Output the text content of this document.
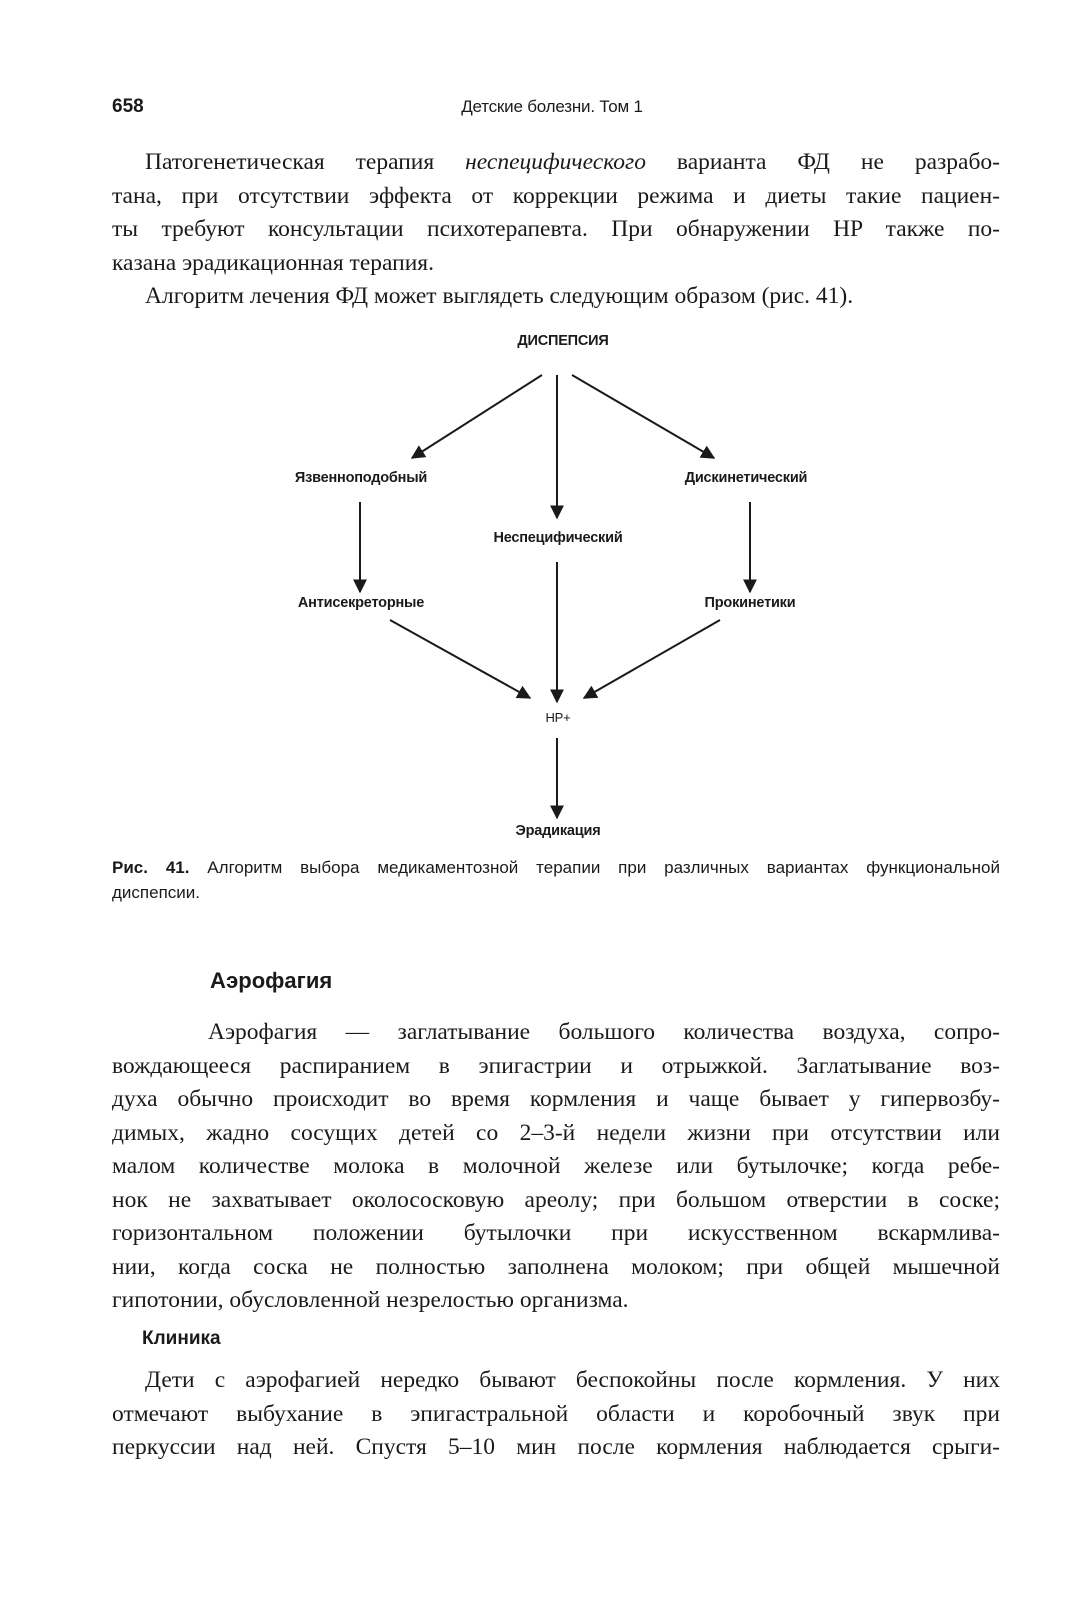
658	Детские болезни. Том 1

Патогенетическая терапия неспецифического варианта ФД не разрабо-
тана, при отсутствии эффекта от коррекции режима и диеты такие пациен-
ты требуют консультации психотерапевта. При обнаружении HP также по-
казана эрадикационная терапия.

Алгоритм лечения ФД может выглядеть следующим образом (рис. 41).

ДИСПЕПСИЯ
Язвенноподобный	Дискинетический
Неспецифический
Антисекреторные	Прокинетики
HP+
Эрадикация
Рис. 41. Алгоритм выбора медикаментозной терапии при различных вариантах функциональной
диспепсии.
Аэрофагия

Аэрофагия — заглатывание большого количества воздуха, сопро-
вождающееся распиранием в эпигастрии и отрыжкой. Заглатывание воз-
духа обычно происходит во время кормления и чаще бывает у гипервозбу-
димых, жадно сосущих детей со 2–3-й недели жизни при отсутствии или
малом количестве молока в молочной железе или бутылочке; когда ребе-
нок не захватывает околососковую ареолу; при большом отверстии в соске;
горизонтальном положении бутылочки при искусственном вскармлива-
нии, когда соска не полностью заполнена молоком; при общей мышечной
гипотонии, обусловленной незрелостью организма.

Клиника

Дети с аэрофагией нередко бывают беспокойны после кормления. У них
отмечают выбухание в эпигастральной области и коробочный звук при
перкуссии над ней. Спустя 5–10 мин после кормления наблюдается срыги-
